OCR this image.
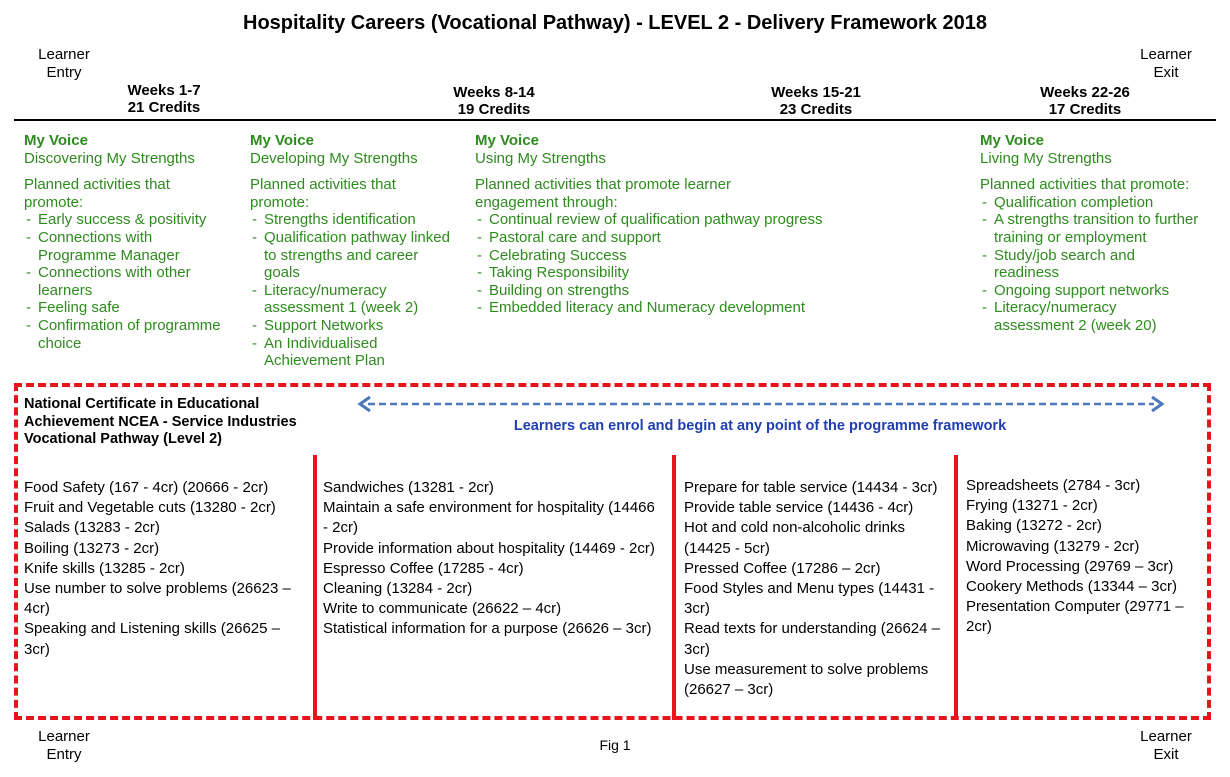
Hospitality Careers (Vocational Pathway) - LEVEL 2 - Delivery Framework 2018
Learner
Entry
Learner
Exit
Weeks 1-7
21 Credits
Weeks 8-14
19 Credits
Weeks 15-21
23 Credits
Weeks 22-26
17 Credits
My Voice
Discovering My Strengths
Planned activities that
promote:
- Early success & positivity
- Connections with
Programme Manager
- Connections with other
learners
- Feeling safe
- Confirmation of programme
choice
My Voice
Developing My Strengths
Planned activities that
promote:
- Strengths identification
- Qualification pathway linked
to strengths and career
goals
- Literacy/numeracy
assessment 1 (week 2)
- Support Networks
- An Individualised
Achievement Plan
My Voice
Using My Strengths
Planned activities that promote learner
engagement through:
- Continual review of qualification pathway progress
- Pastoral care and support
- Celebrating Success
- Taking Responsibility
- Building on strengths
- Embedded literacy and Numeracy development
My Voice
Living My Strengths
Planned activities that promote:
- Qualification completion
- A strengths transition to further
training or employment
- Study/job search and
readiness
- Ongoing support networks
- Literacy/numeracy
assessment 2 (week 20)
National Certificate in Educational
Achievement NCEA - Service Industries
Vocational Pathway (Level 2)
Learners can enrol and begin at any point of the programme framework
Food Safety (167 - 4cr) (20666 - 2cr)
Fruit and Vegetable cuts (13280 - 2cr)
Salads (13283 - 2cr)
Boiling (13273 - 2cr)
Knife skills (13285 - 2cr)
Use number to solve problems (26623 –
4cr)
Speaking and Listening skills (26625 –
3cr)
Sandwiches (13281 - 2cr)
Maintain a safe environment for hospitality (14466
- 2cr)
Provide information about hospitality (14469 - 2cr)
Espresso Coffee (17285 - 4cr)
Cleaning (13284 - 2cr)
Write to communicate (26622 – 4cr)
Statistical information for a purpose (26626 – 3cr)
Prepare for table service (14434 - 3cr)
Provide table service (14436 - 4cr)
Hot and cold non-alcoholic drinks
(14425 - 5cr)
Pressed Coffee (17286 – 2cr)
Food Styles and Menu types (14431 -
3cr)
Read texts for understanding (26624 –
3cr)
Use measurement to solve problems
(26627 – 3cr)
Spreadsheets (2784 - 3cr)
Frying (13271 - 2cr)
Baking (13272 - 2cr)
Microwaving (13279 - 2cr)
Word Processing (29769 – 3cr)
Cookery Methods (13344 – 3cr)
Presentation Computer (29771 –
2cr)
Learner
Entry
Learner
Exit
Fig 1
